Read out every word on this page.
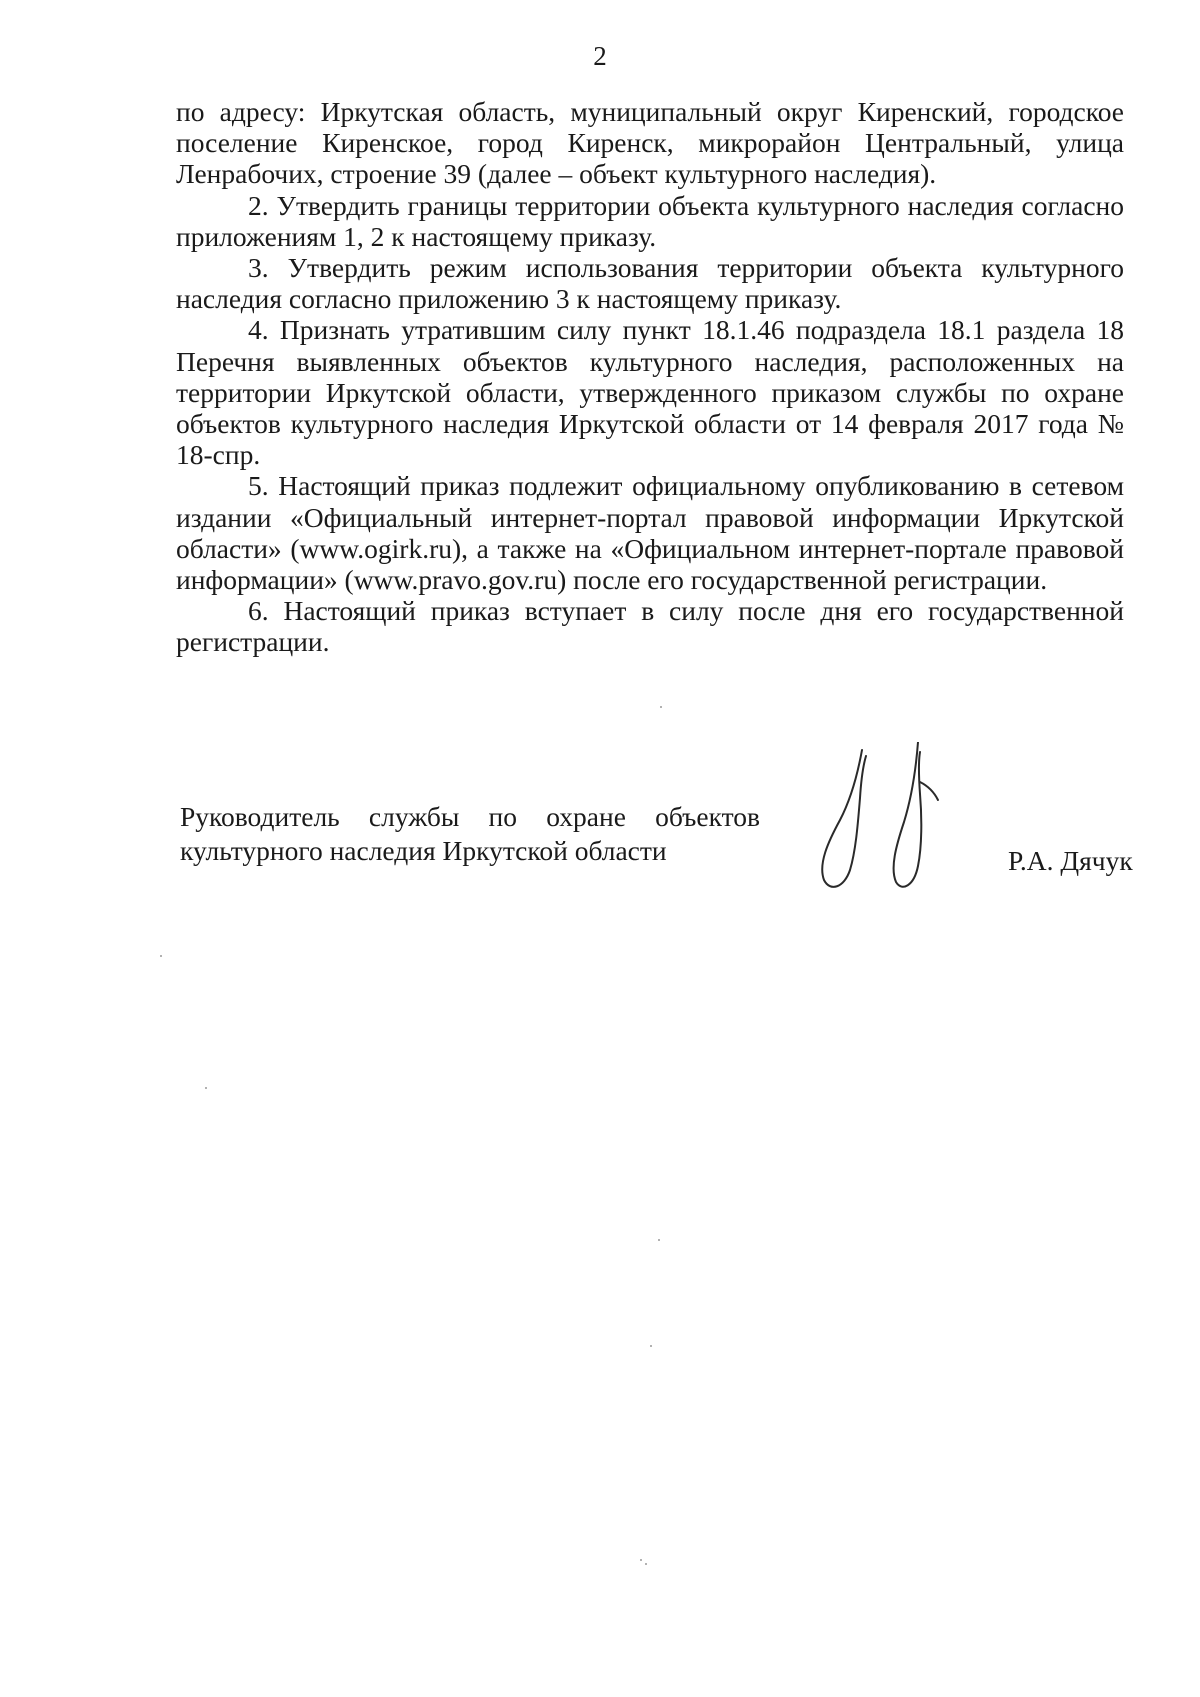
2

по адресу: Иркутская область, муниципальный округ Киренский, городское поселение Киренское, город Киренск, микрорайон Центральный, улица Ленрабочих, строение 39 (далее – объект культурного наследия).

2. Утвердить границы территории объекта культурного наследия согласно приложениям 1, 2 к настоящему приказу.

3. Утвердить режим использования территории объекта культурного наследия согласно приложению 3 к настоящему приказу.

4. Признать утратившим силу пункт 18.1.46 подраздела 18.1 раздела 18 Перечня выявленных объектов культурного наследия, расположенных на территории Иркутской области, утвержденного приказом службы по охране объектов культурного наследия Иркутской области от 14 февраля 2017 года № 18-спр.

5. Настоящий приказ подлежит официальному опубликованию в сетевом издании «Официальный интернет-портал правовой информации Иркутской области» (www.ogirk.ru), а также на «Официальном интернет-портале правовой информации» (www.pravo.gov.ru) после его государственной регистрации.

6. Настоящий приказ вступает в силу после дня его государственной регистрации.

Руководитель службы по охране объектов
культурного наследия Иркутской области	Р.А. Дячук
